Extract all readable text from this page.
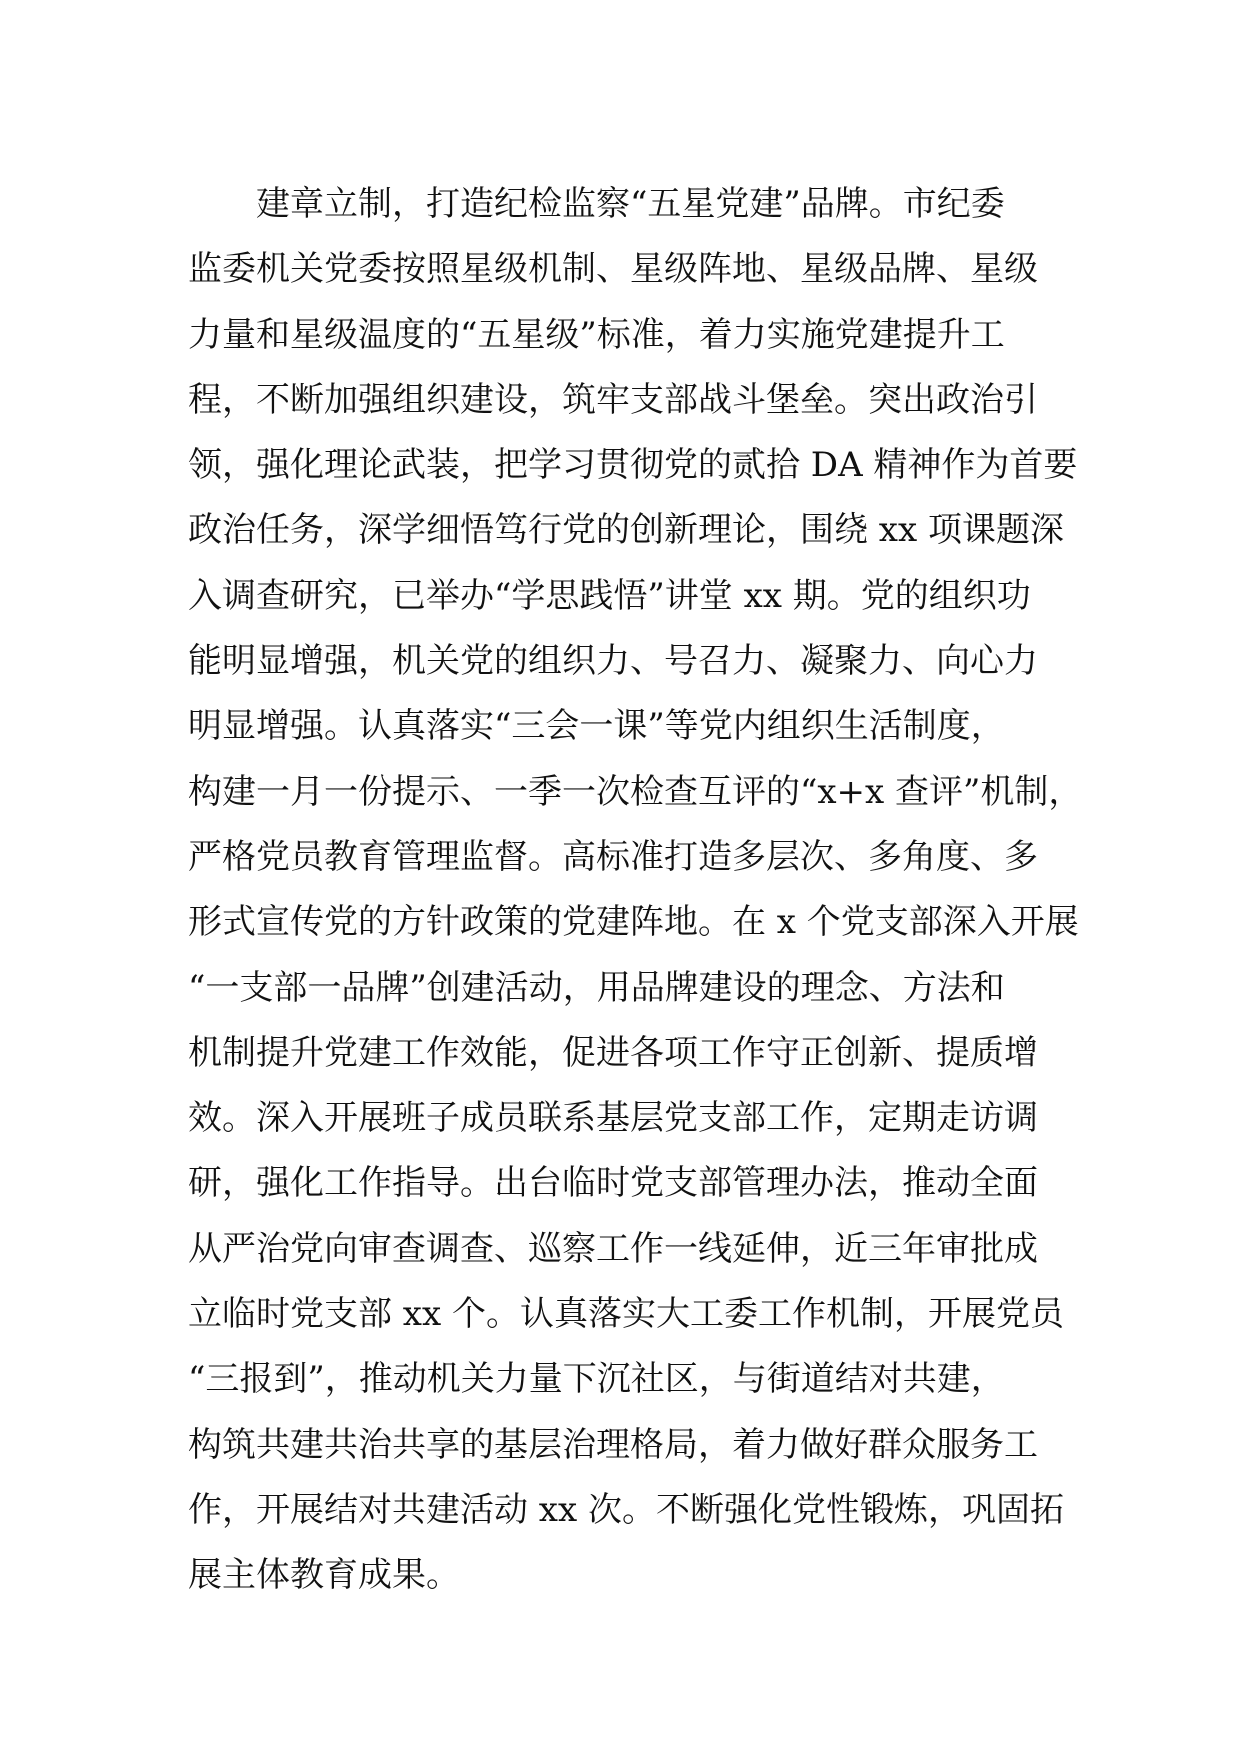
建章立制，打造纪检监察“五星党建”品牌。市纪委
监委机关党委按照星级机制、星级阵地、星级品牌、星级
力量和星级温度的“五星级”标准，着力实施党建提升工
程，不断加强组织建设，筑牢支部战斗堡垒。突出政治引
领，强化理论武装，把学习贯彻党的贰拾 DA 精神作为首要
政治任务，深学细悟笃行党的创新理论，围绕 xx 项课题深
入调查研究，已举办“学思践悟”讲堂 xx 期。党的组织功
能明显增强，机关党的组织力、号召力、凝聚力、向心力
明显增强。认真落实“三会一课”等党内组织生活制度，
构建一月一份提示、一季一次检查互评的“x+x 查评”机制，
严格党员教育管理监督。高标准打造多层次、多角度、多
形式宣传党的方针政策的党建阵地。在 x 个党支部深入开展
“一支部一品牌”创建活动，用品牌建设的理念、方法和
机制提升党建工作效能，促进各项工作守正创新、提质增
效。深入开展班子成员联系基层党支部工作，定期走访调
研，强化工作指导。出台临时党支部管理办法，推动全面
从严治党向审查调查、巡察工作一线延伸，近三年审批成
立临时党支部 xx 个。认真落实大工委工作机制，开展党员
“三报到”，推动机关力量下沉社区，与街道结对共建，
构筑共建共治共享的基层治理格局，着力做好群众服务工
作，开展结对共建活动 xx 次。不断强化党性锻炼，巩固拓
展主体教育成果。
